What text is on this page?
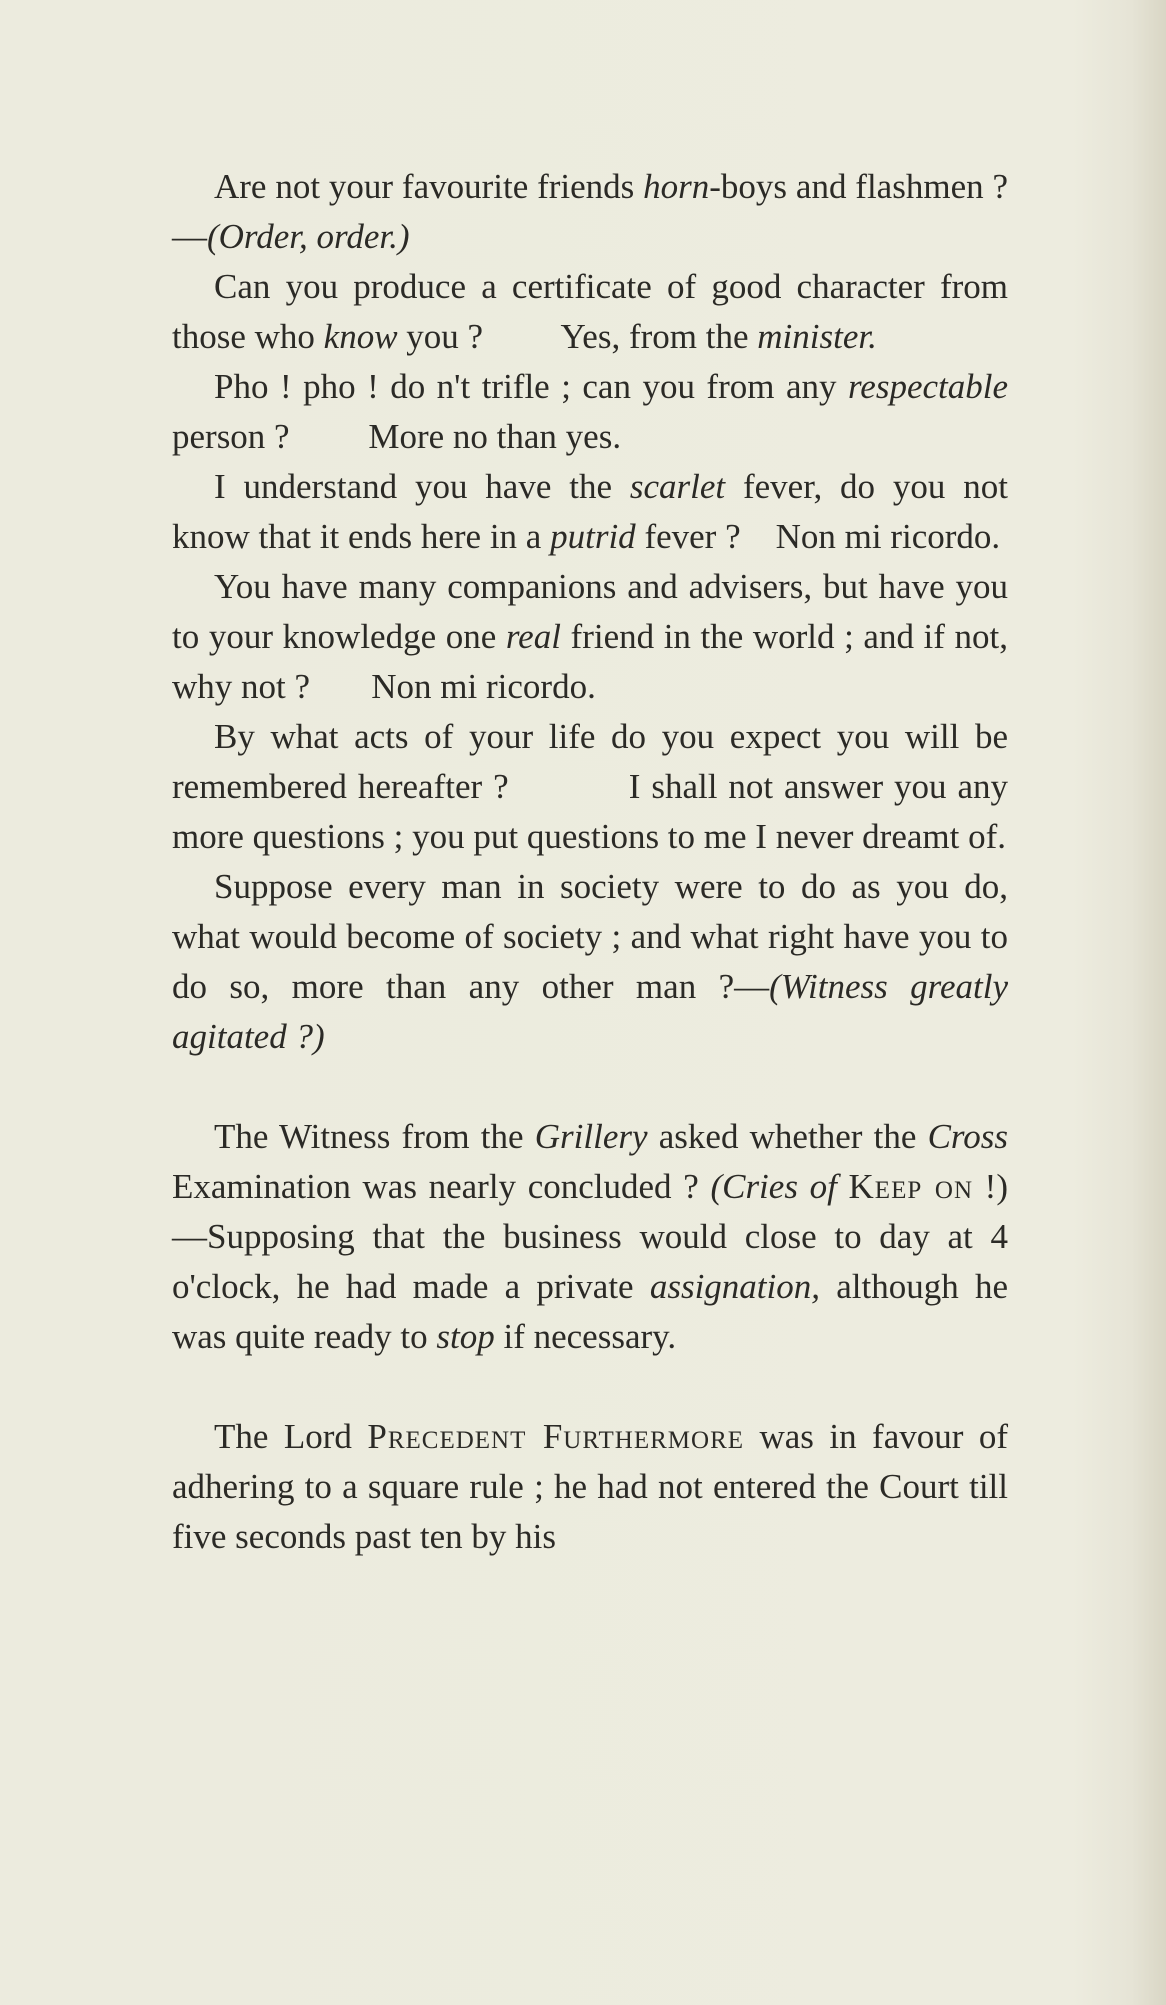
Are not your favourite friends horn-boys and flashmen ?—(Order, order.)

Can you produce a certificate of good character from those who know you ?         Yes, from the minister.

Pho ! pho ! do n't trifle ; can you from any respectable person ?         More no than yes.

I understand you have the scarlet fever, do you not know that it ends here in a putrid fever ?    Non mi ricordo.

You have many companions and advisers, but have you to your knowledge one real friend in the world ; and if not, why not ?       Non mi ricordo.

By what acts of your life do you expect you will be remembered hereafter ?           I shall not answer you any more questions ; you put questions to me I never dreamt of.

Suppose every man in society were to do as you do, what would become of society ; and what right have you to do so, more than any other man ?—(Witness greatly agitated ?)

The Witness from the Grillery asked whether the Cross Examination was nearly concluded ? (Cries of Keep on !)—Supposing that the business would close to day at 4 o'clock, he had made a private assignation, although he was quite ready to stop if necessary.

The Lord Precedent Furthermore was in favour of adhering to a square rule ; he had not entered the Court till five seconds past ten by his
